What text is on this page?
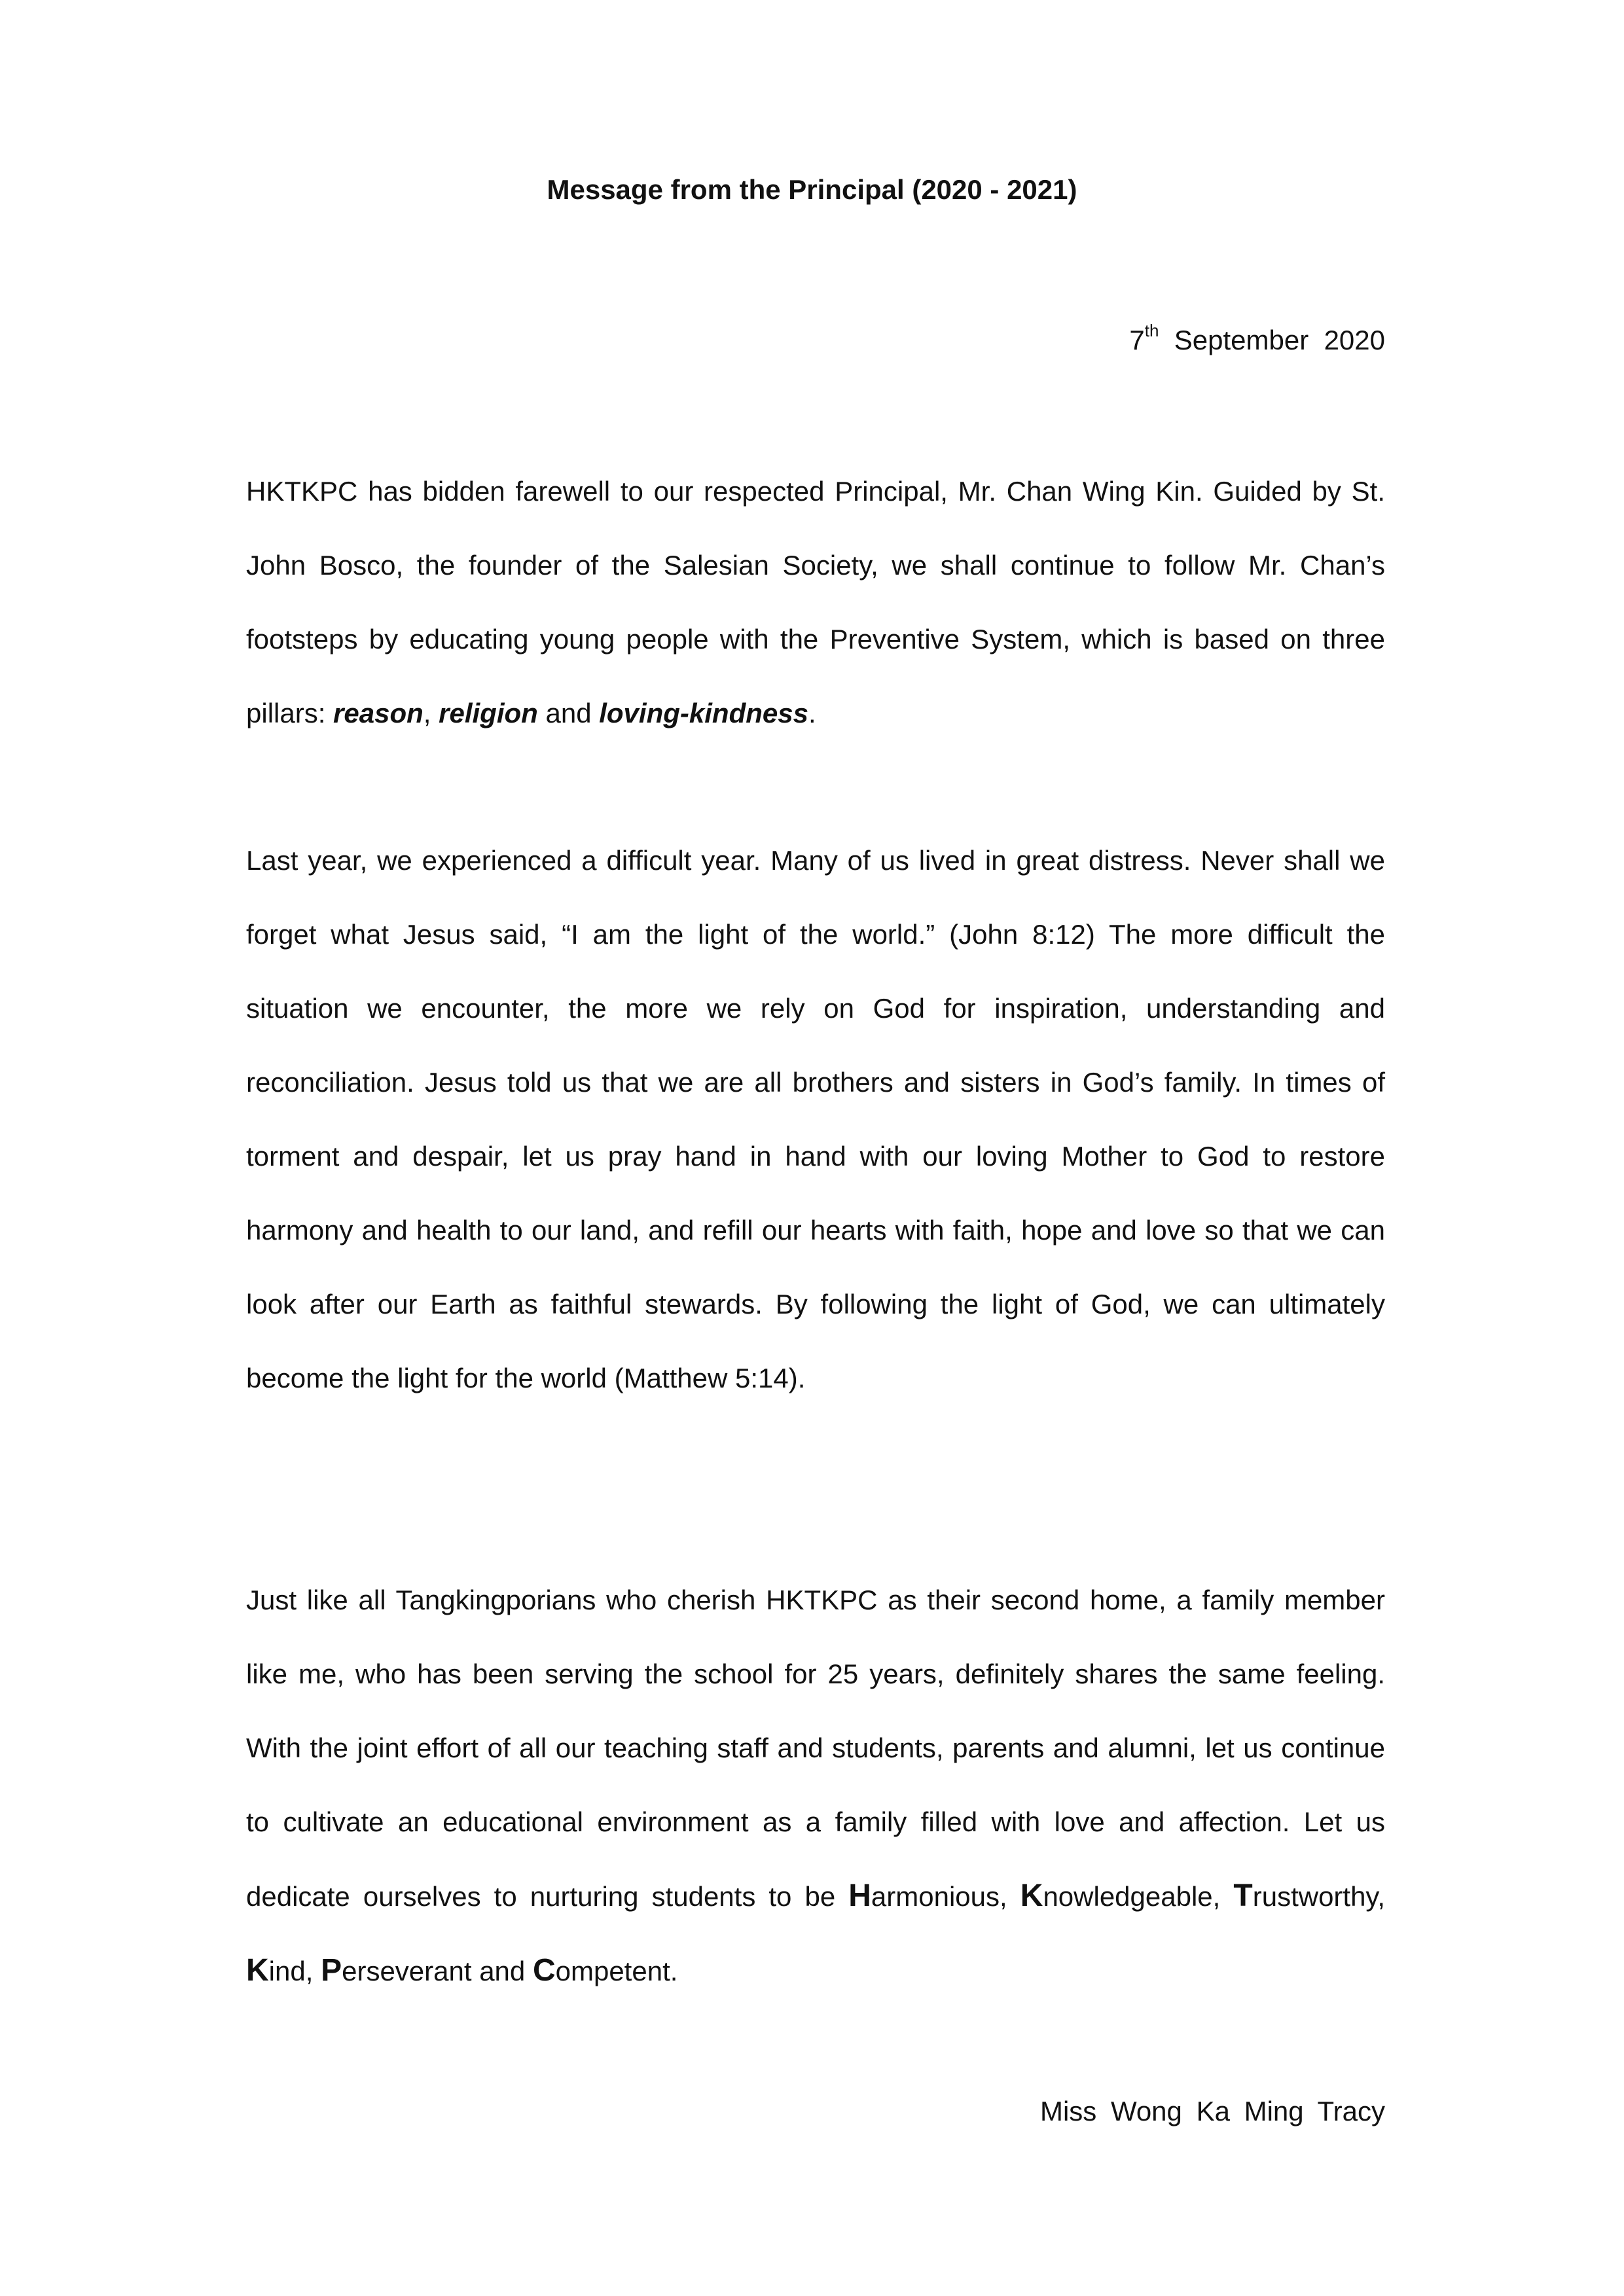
Message from the Principal (2020 - 2021)
7th September  2020
HKTKPC has bidden farewell to our respected Principal, Mr. Chan Wing Kin. Guided by St. John Bosco, the founder of the Salesian Society, we shall continue to follow Mr. Chan’s footsteps by educating young people with the Preventive System, which is based on three pillars: reason, religion and loving-kindness.
Last year, we experienced a difficult year. Many of us lived in great distress. Never shall we forget what Jesus said, “I am the light of the world.” (John 8:12) The more difficult the situation we encounter, the more we rely on God for inspiration, understanding and reconciliation. Jesus told us that we are all brothers and sisters in God’s family. In times of torment and despair, let us pray hand in hand with our loving Mother to God to restore harmony and health to our land, and refill our hearts with faith, hope and love so that we can look after our Earth as faithful stewards. By following the light of God, we can ultimately become the light for the world (Matthew 5:14).
Just like all Tangkingporians who cherish HKTKPC as their second home, a family member like me, who has been serving the school for 25 years, definitely shares the same feeling. With the joint effort of all our teaching staff and students, parents and alumni, let us continue to cultivate an educational environment as a family filled with love and affection. Let us dedicate ourselves to nurturing students to be Harmonious, Knowledgeable, Trustworthy, Kind, Perseverant and Competent.
Miss Wong Ka Ming Tracy
